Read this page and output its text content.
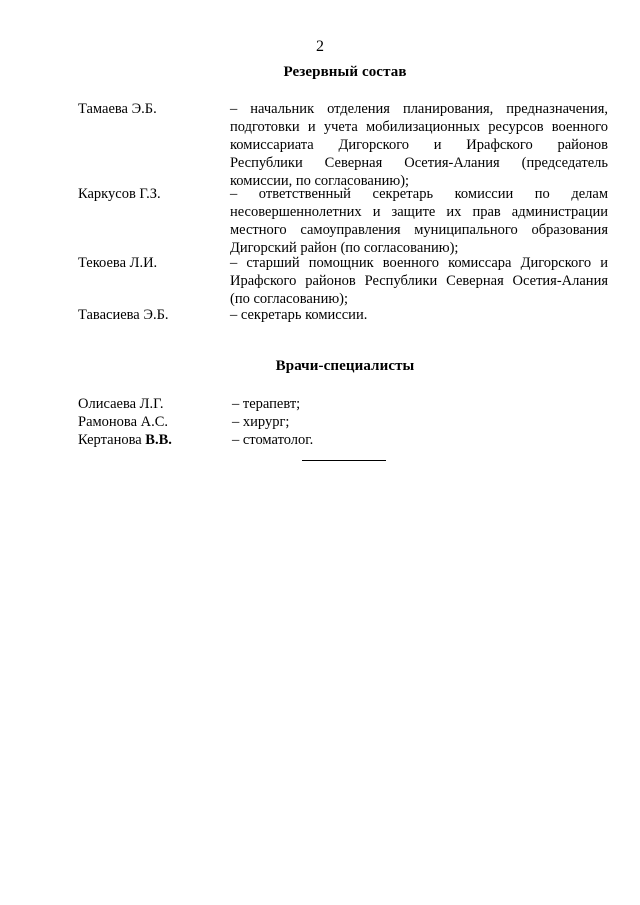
2
Резервный состав
Тамаева Э.Б.	– начальник отделения планирования, предназначения,
подготовки и учета мобилизационных ресурсов военного
комиссариата Дигорского и Ирафского районов
Республики Северная Осетия-Алания (председатель
комиссии, по согласованию);
Каркусов Г.З.	– ответственный секретарь комиссии по делам
несовершеннолетних и защите их прав администрации
местного самоуправления муниципального образования
Дигорский район (по согласованию);
Текоева Л.И.	– старший помощник военного комиссара Дигорского и
Ирафского районов Республики Северная Осетия-Алания
(по согласованию);
Тавасиева Э.Б.	– секретарь комиссии.
Врачи-специалисты
Олисаева Л.Г.	– терапевт;
Рамонова А.С.	– хирург;
Кертанова В.В.	– стоматолог.
